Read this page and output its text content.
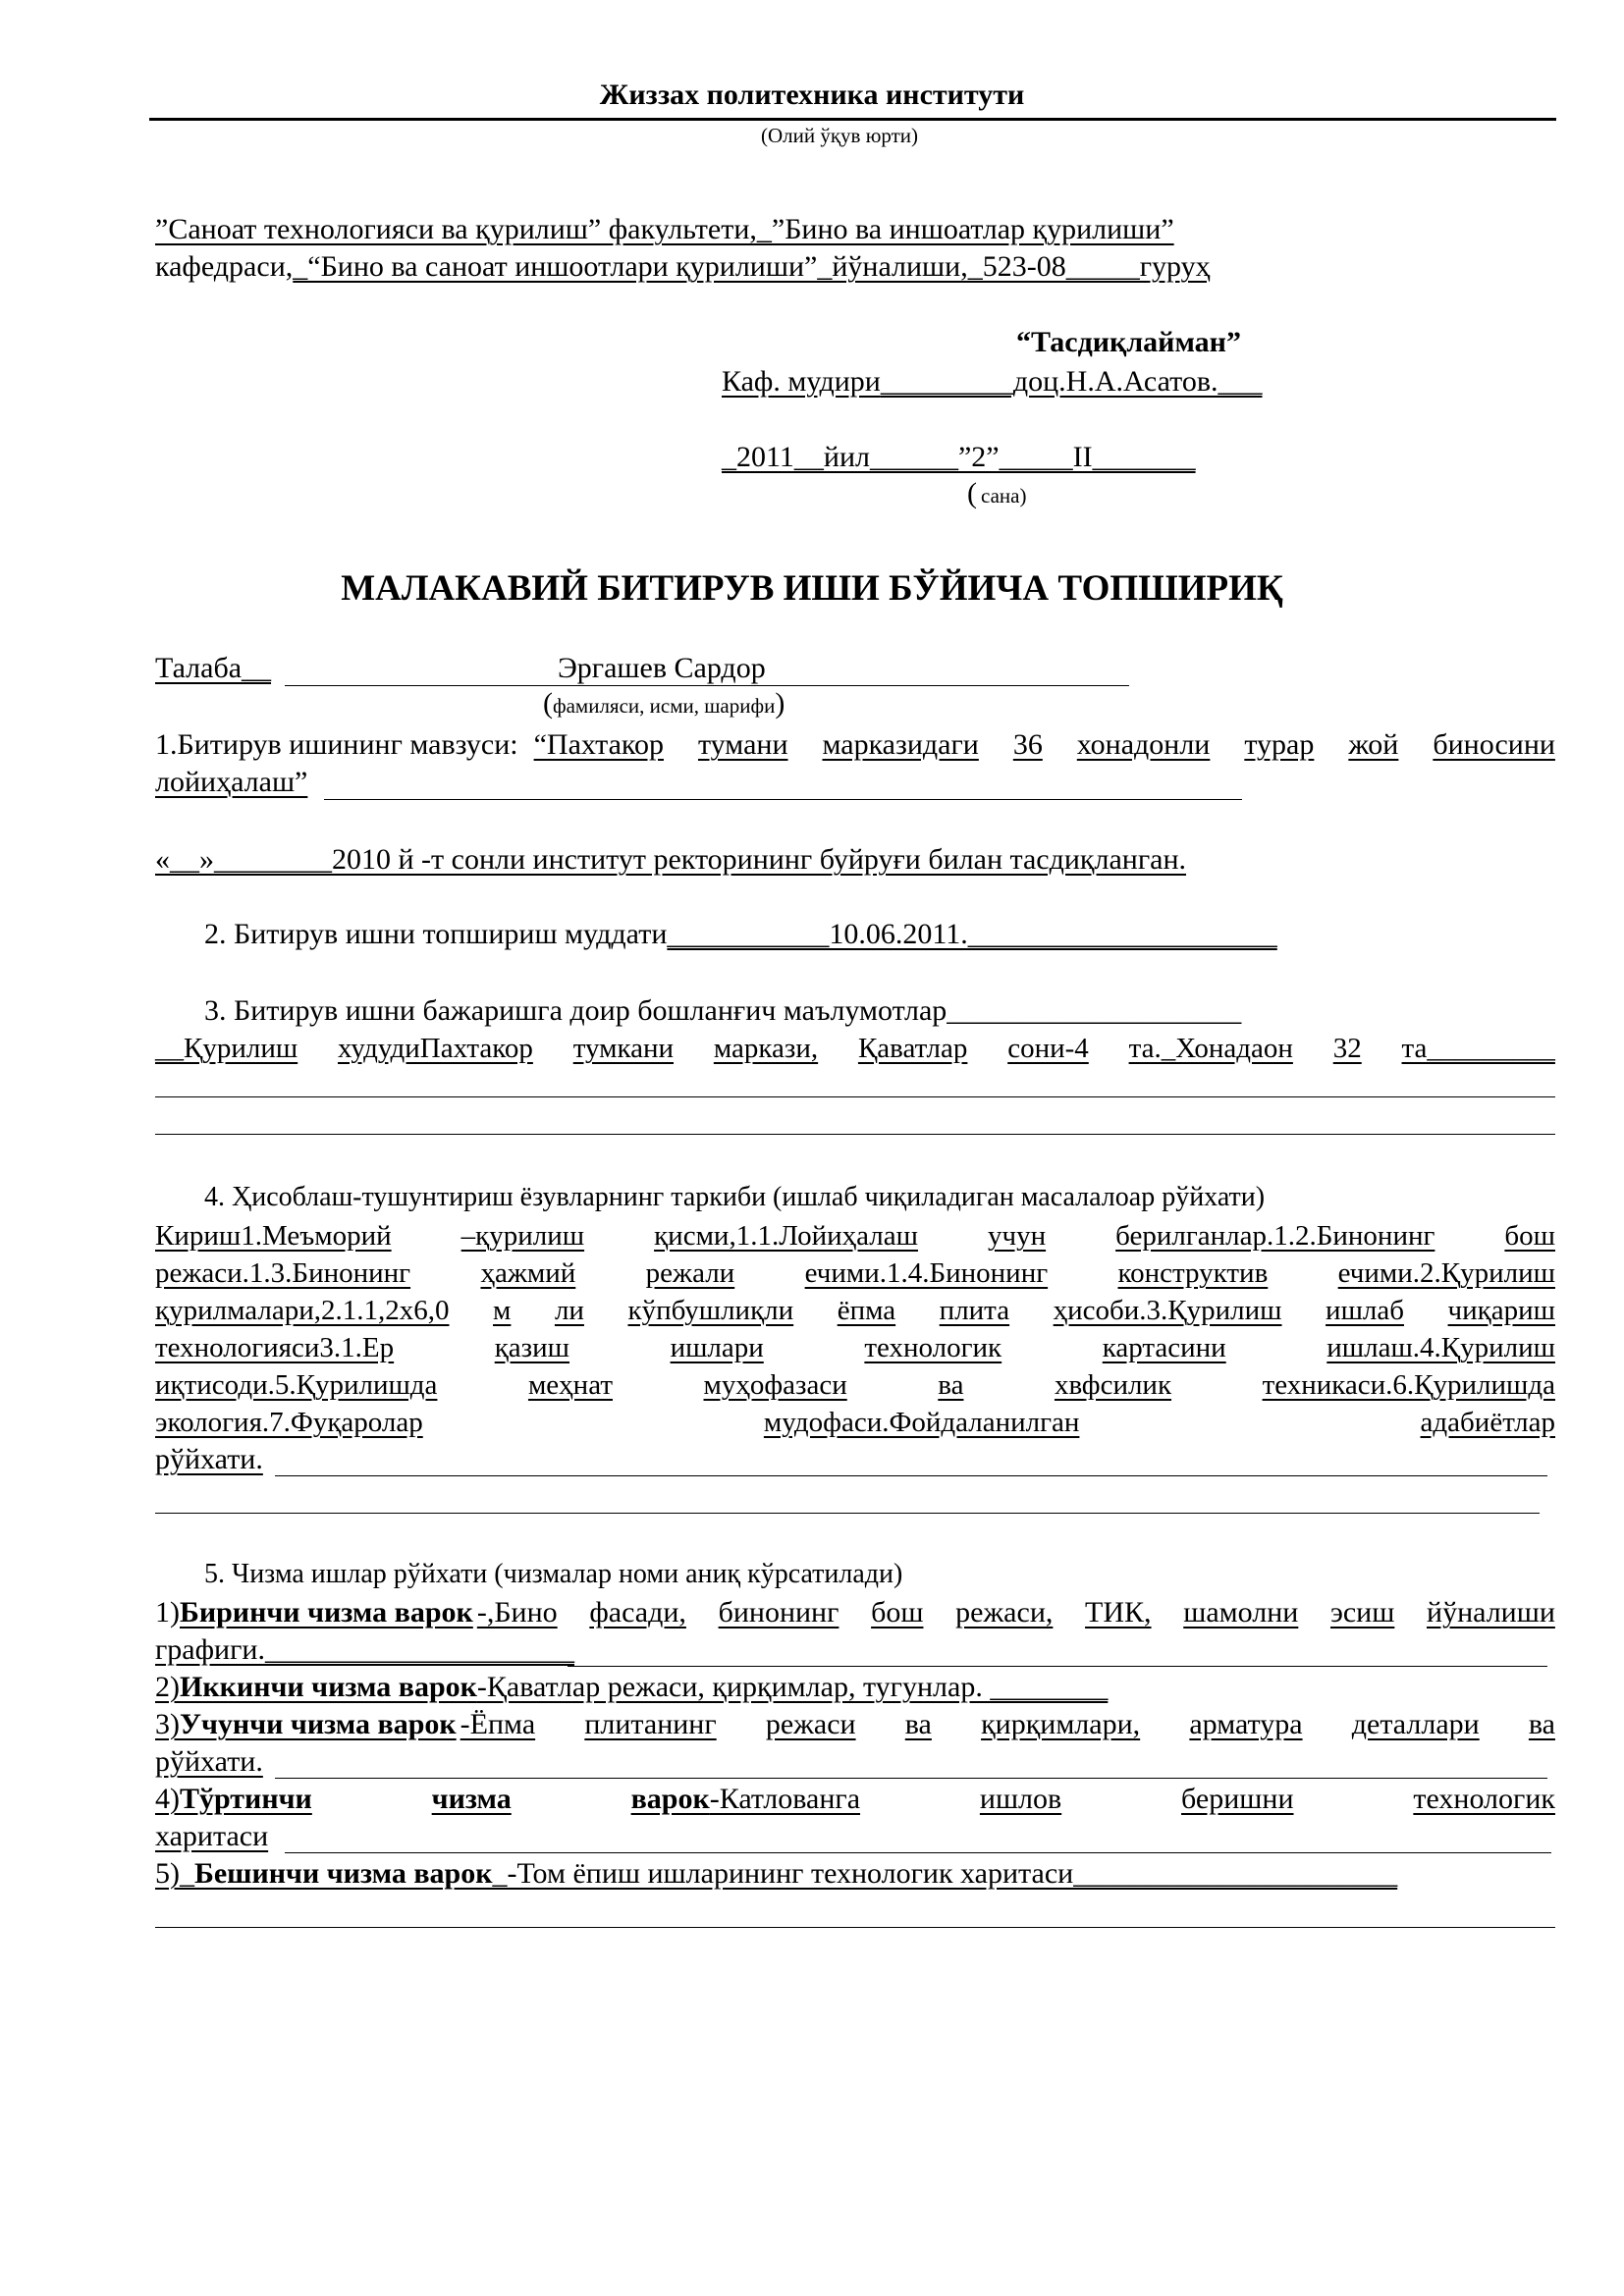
Жиззах политехника институти
(Олий ўқув юрти)
”Саноат технологияси ва қурилиш” факультети,_”Бино ва иншоатлар қурилиши”
кафедраси,_“Бино ва саноат иншоотлари қурилиши”_йўналиши,_523-08_____гуруҳ
“Тасдиқлайман”
Каф. мудири_________доц.Н.А.Асатов.___
_2011__йил______”2”_____II_______
( сана)
МАЛАКАВИЙ БИТИРУВ ИШИ БЎЙИЧА ТОПШИРИҚ
Талаба__	Эргашев Сардор
(фамиляси, исми, шарифи)
1.Битирув ишининг мавзуси: “Пахтакор тумани марказидаги 36 хонадонли турар жой биносини
лойиҳалаш”
«__»________2010 й -т сонли институт ректорининг буйруғи билан тасдиқланган.
2. Битирув ишни топшириш муддати___________10.06.2011._____________________
3. Битирув ишни бажаришга доир бошланғич маълумотлар____________________
__Қурилиш худудиПахтакор тумкани маркази, Қаватлар сони-4 та._Хонадаон 32 та_________
4. Ҳисоблаш-тушунтириш ёзувларнинг таркиби (ишлаб чиқиладиган масалалоар рўйхати)
Кириш1.Меъморий –қурилиш қисми,1.1.Лойиҳалаш учун берилганлар.1.2.Бинонинг бош
режаси.1.3.Бинонинг ҳажмий режали ечими.1.4.Бинонинг конструктив ечими.2.Қурилиш
қурилмалари,2.1.1,2х6,0 м ли кўпбушлиқли ёпма плита ҳисоби.3.Қурилиш ишлаб чиқариш
технологияси3.1.Ер	қазиш	ишлари	технологик	картасини	ишлаш.4.Қурилиш
иқтисоди.5.Қурилишда	меҳнат	муҳофазаси	ва	хвфсилик	техникаси.6.Қурилишда
экология.7.Фуқаролар	мудофаси.Фойдаланилган	адабиётлар
рўйхати.
5. Чизма ишлар рўйхати (чизмалар номи аниқ кўрсатилади)
1) Биринчи чизма варок -,Бино фасади, бинонинг бош режаси, ТИК, шамолни эсиш йўналиши
графиги._____________________
2)Иккинчи чизма варок-Қаватлар режаси, қирқимлар, тугунлар. ________
3) Учунчи чизма варок -Ёпма плитанинг режаси ва қирқимлари, арматура деталлари ва
рўйхати.
4)Тўртинчи	чизма	варок-Катлованга	ишлов	беришни	технологик
харитаси
5)_Бешинчи чизма варок_-Том ёпиш ишларининг технологик харитаси______________________
